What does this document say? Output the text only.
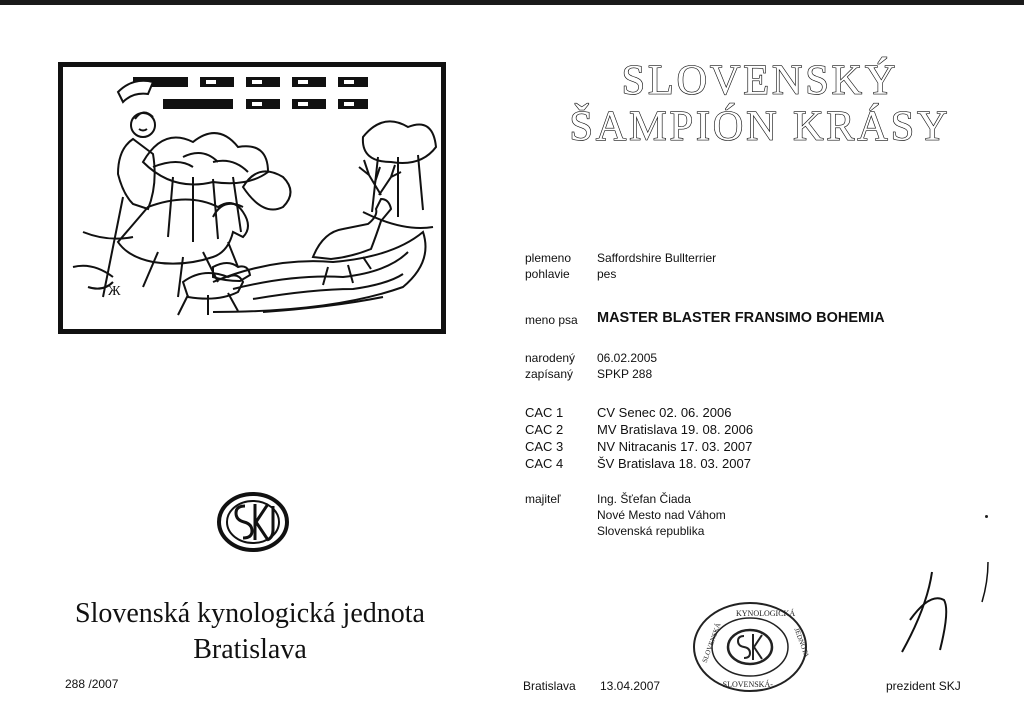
Ж
SLOVENSKÝ
ŠAMPIÓN KRÁSY
plemeno Saffordshire Bullterrier
pohlavie pes
meno psa MASTER BLASTER FRANSIMO BOHEMIA
narodený 06.02.2005
zapísaný SPKP 288
CAC 1	CV Senec 02. 06. 2006
CAC 2	MV Bratislava 19. 08. 2006
CAC 3	NV Nitracanis 17. 03. 2007
CAC 4	ŠV Bratislava 18. 03. 2007
majiteľ	Ing. Šťefan Čiada
Nové Mesto nad Váhom
Slovenská republika
Slovenská kynologická jednota
Bratislava
288 /2007	Bratislava 13.04.2007	prezident SKJ
KYNOLOGICKÁ
SLOVENSKÁ	JEDNOTA
-SLOVENSKÁ-
